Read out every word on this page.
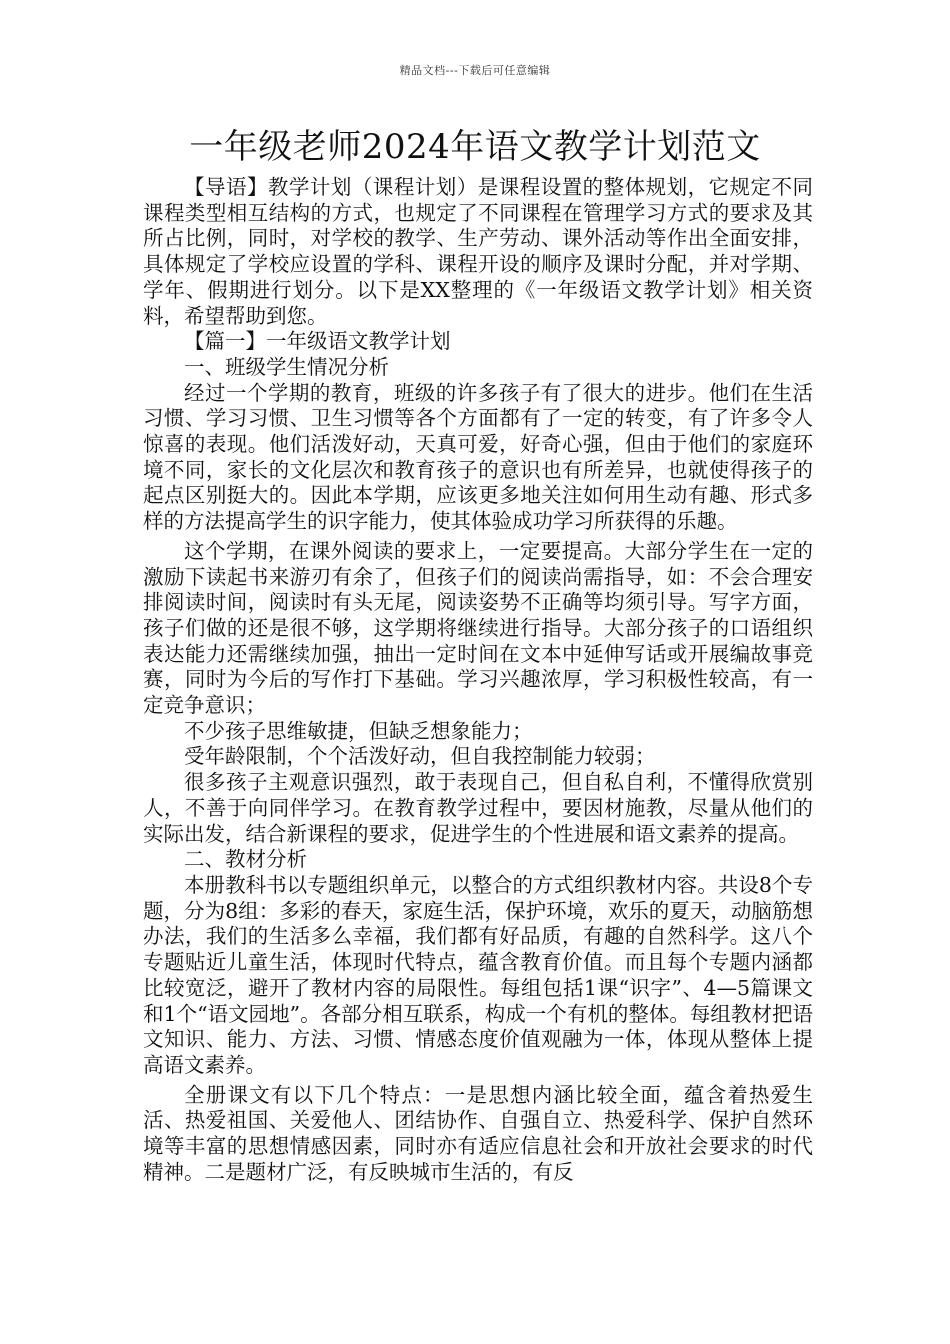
精品文档---下载后可任意编辑
一年级老师2024年语文教学计划范文

【导语】教学计划（课程计划）是课程设置的整体规划，它规定不同课程类型相互结构的方式，也规定了不同课程在管理学习方式的要求及其所占比例，同时，对学校的教学、生产劳动、课外活动等作出全面安排，具体规定了学校应设置的学科、课程开设的顺序及课时分配，并对学期、学年、假期进行划分。以下是XX整理的《一年级语文教学计划》相关资料，希望帮助到您。

【篇一】一年级语文教学计划

一、班级学生情况分析

经过一个学期的教育，班级的许多孩子有了很大的进步。他们在生活习惯、学习习惯、卫生习惯等各个方面都有了一定的转变，有了许多令人惊喜的表现。他们活泼好动，天真可爱，好奇心强，但由于他们的家庭环境不同，家长的文化层次和教育孩子的意识也有所差异，也就使得孩子的起点区别挺大的。因此本学期，应该更多地关注如何用生动有趣、形式多样的方法提高学生的识字能力，使其体验成功学习所获得的乐趣。

这个学期，在课外阅读的要求上，一定要提高。大部分学生在一定的激励下读起书来游刃有余了，但孩子们的阅读尚需指导，如：不会合理安排阅读时间，阅读时有头无尾，阅读姿势不正确等均须引导。写字方面，孩子们做的还是很不够，这学期将继续进行指导。大部分孩子的口语组织表达能力还需继续加强，抽出一定时间在文本中延伸写话或开展编故事竞赛，同时为今后的写作打下基础。学习兴趣浓厚，学习积极性较高，有一定竞争意识；

不少孩子思维敏捷，但缺乏想象能力；

受年龄限制，个个活泼好动，但自我控制能力较弱；

很多孩子主观意识强烈，敢于表现自己，但自私自利，不懂得欣赏别人，不善于向同伴学习。在教育教学过程中，要因材施教，尽量从他们的实际出发，结合新课程的要求，促进学生的个性进展和语文素养的提高。

二、教材分析

本册教科书以专题组织单元，以整合的方式组织教材内容。共设8个专题，分为8组：多彩的春天，家庭生活，保护环境，欢乐的夏天，动脑筋想办法，我们的生活多么幸福，我们都有好品质，有趣的自然科学。这八个专题贴近儿童生活，体现时代特点，蕴含教育价值。而且每个专题内涵都比较宽泛，避开了教材内容的局限性。每组包括1课“识字”、4—5篇课文和1个“语文园地”。各部分相互联系，构成一个有机的整体。每组教材把语文知识、能力、方法、习惯、情感态度价值观融为一体，体现从整体上提高语文素养。

全册课文有以下几个特点：一是思想内涵比较全面，蕴含着热爱生活、热爱祖国、关爱他人、团结协作、自强自立、热爱科学、保护自然环境等丰富的思想情感因素，同时亦有适应信息社会和开放社会要求的时代精神。二是题材广泛，有反映城市生活的，有反
